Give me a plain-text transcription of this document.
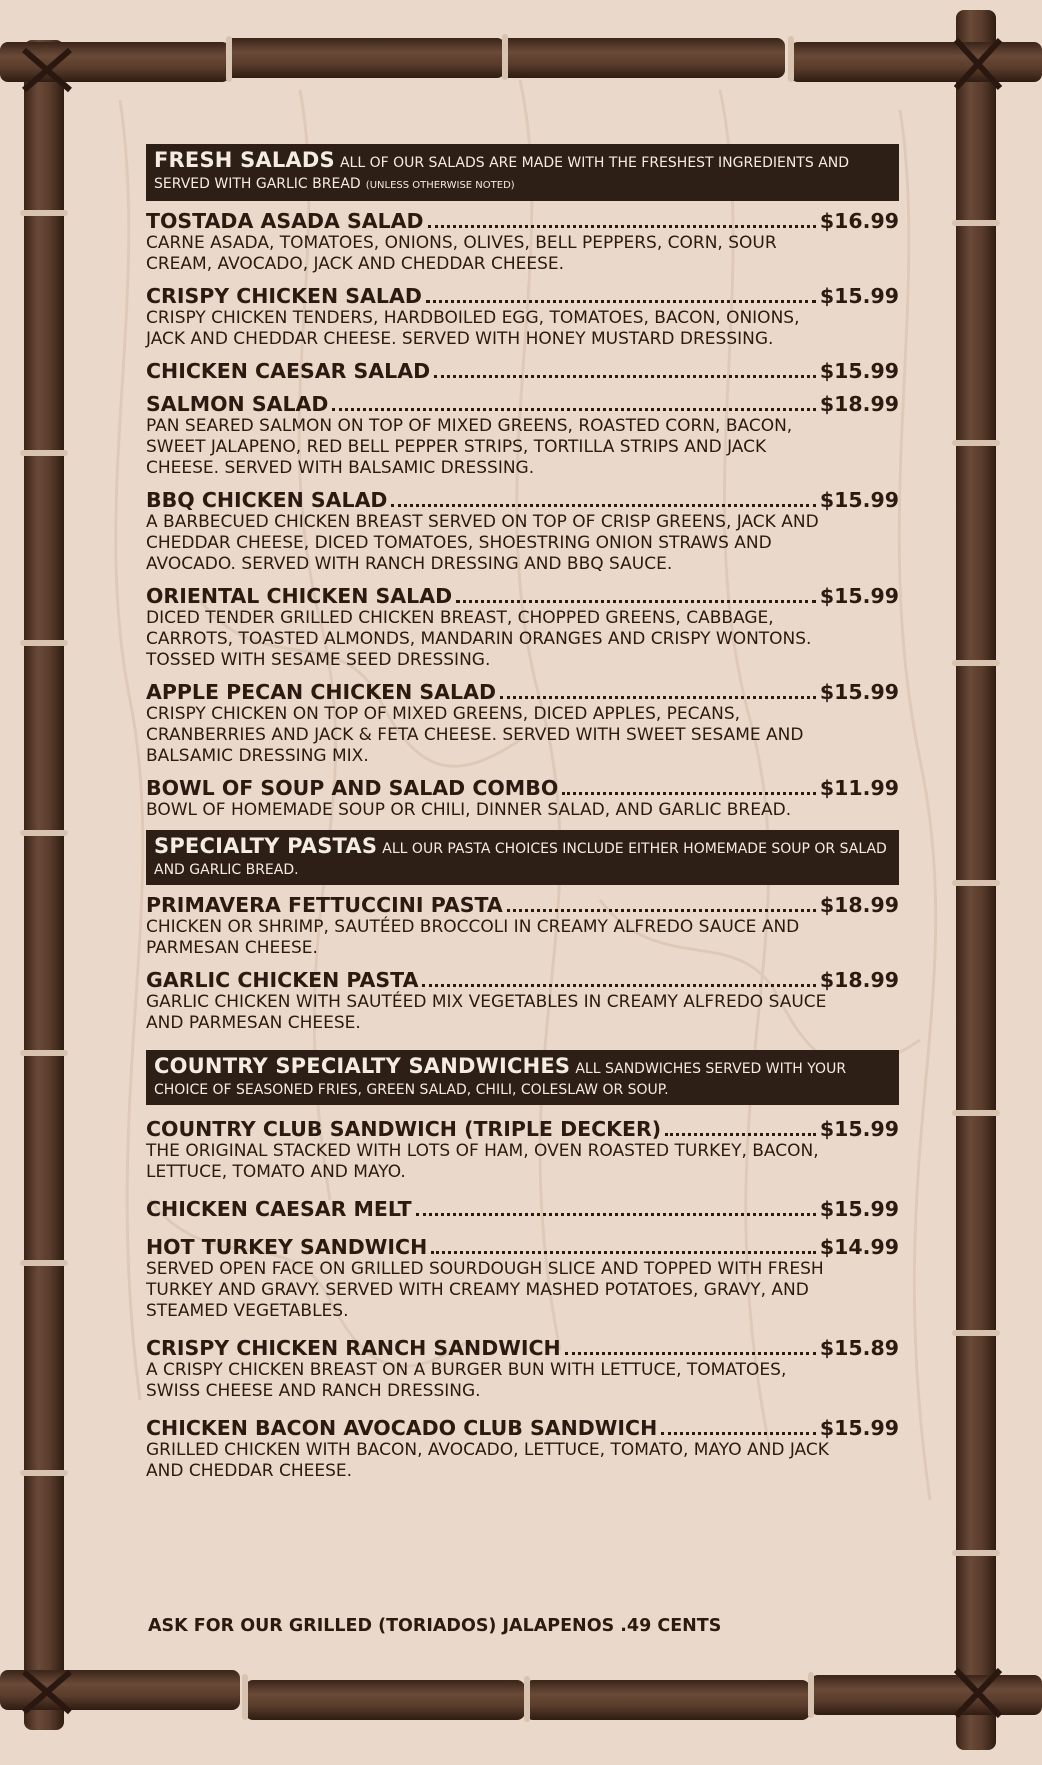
FRESH SALADS ALL OF OUR SALADS ARE MADE WITH THE FRESHEST INGREDIENTS AND SERVED WITH GARLIC BREAD (UNLESS OTHERWISE NOTED)
TOSTADA ASADA SALAD	$16.99
CARNE ASADA, TOMATOES, ONIONS, OLIVES, BELL PEPPERS, CORN, SOUR CREAM, AVOCADO, JACK AND CHEDDAR CHEESE.
CRISPY CHICKEN SALAD	$15.99
CRISPY CHICKEN TENDERS, HARDBOILED EGG, TOMATOES, BACON, ONIONS, JACK AND CHEDDAR CHEESE. SERVED WITH HONEY MUSTARD DRESSING.
CHICKEN CAESAR SALAD	$15.99
SALMON SALAD	$18.99
PAN SEARED SALMON ON TOP OF MIXED GREENS, ROASTED CORN, BACON, SWEET JALAPENO, RED BELL PEPPER STRIPS, TORTILLA STRIPS AND JACK CHEESE. SERVED WITH BALSAMIC DRESSING.
BBQ CHICKEN SALAD	$15.99
A BARBECUED CHICKEN BREAST SERVED ON TOP OF CRISP GREENS, JACK AND CHEDDAR CHEESE, DICED TOMATOES, SHOESTRING ONION STRAWS AND AVOCADO. SERVED WITH RANCH DRESSING AND BBQ SAUCE.
ORIENTAL CHICKEN SALAD	$15.99
DICED TENDER GRILLED CHICKEN BREAST, CHOPPED GREENS, CABBAGE, CARROTS, TOASTED ALMONDS, MANDARIN ORANGES AND CRISPY WONTONS. TOSSED WITH SESAME SEED DRESSING.
APPLE PECAN CHICKEN SALAD	$15.99
CRISPY CHICKEN ON TOP OF MIXED GREENS, DICED APPLES, PECANS, CRANBERRIES AND JACK & FETA CHEESE. SERVED WITH SWEET SESAME AND BALSAMIC DRESSING MIX.
BOWL OF SOUP AND SALAD COMBO	$11.99
BOWL OF HOMEMADE SOUP OR CHILI, DINNER SALAD, AND GARLIC BREAD.
SPECIALTY PASTAS ALL OUR PASTA CHOICES INCLUDE EITHER HOMEMADE SOUP OR SALAD AND GARLIC BREAD.
PRIMAVERA FETTUCCINI PASTA	$18.99
CHICKEN OR SHRIMP, SAUTÉED BROCCOLI IN CREAMY ALFREDO SAUCE AND PARMESAN CHEESE.
GARLIC CHICKEN PASTA	$18.99
GARLIC CHICKEN WITH SAUTÉED MIX VEGETABLES IN CREAMY ALFREDO SAUCE AND PARMESAN CHEESE.
COUNTRY SPECIALTY SANDWICHES ALL SANDWICHES SERVED WITH YOUR CHOICE OF SEASONED FRIES, GREEN SALAD, CHILI, COLESLAW OR SOUP.
COUNTRY CLUB SANDWICH (TRIPLE DECKER)	$15.99
THE ORIGINAL STACKED WITH LOTS OF HAM, OVEN ROASTED TURKEY, BACON, LETTUCE, TOMATO AND MAYO.
CHICKEN CAESAR MELT	$15.99
HOT TURKEY SANDWICH	$14.99
SERVED OPEN FACE ON GRILLED SOURDOUGH SLICE AND TOPPED WITH FRESH TURKEY AND GRAVY. SERVED WITH CREAMY MASHED POTATOES, GRAVY, AND STEAMED VEGETABLES.
CRISPY CHICKEN RANCH SANDWICH	$15.89
A CRISPY CHICKEN BREAST ON A BURGER BUN WITH LETTUCE, TOMATOES, SWISS CHEESE AND RANCH DRESSING.
CHICKEN BACON AVOCADO CLUB SANDWICH	$15.99
GRILLED CHICKEN WITH BACON, AVOCADO, LETTUCE, TOMATO, MAYO AND JACK AND CHEDDAR CHEESE.
ASK FOR OUR GRILLED (TORIADOS) JALAPENOS .49 CENTS
